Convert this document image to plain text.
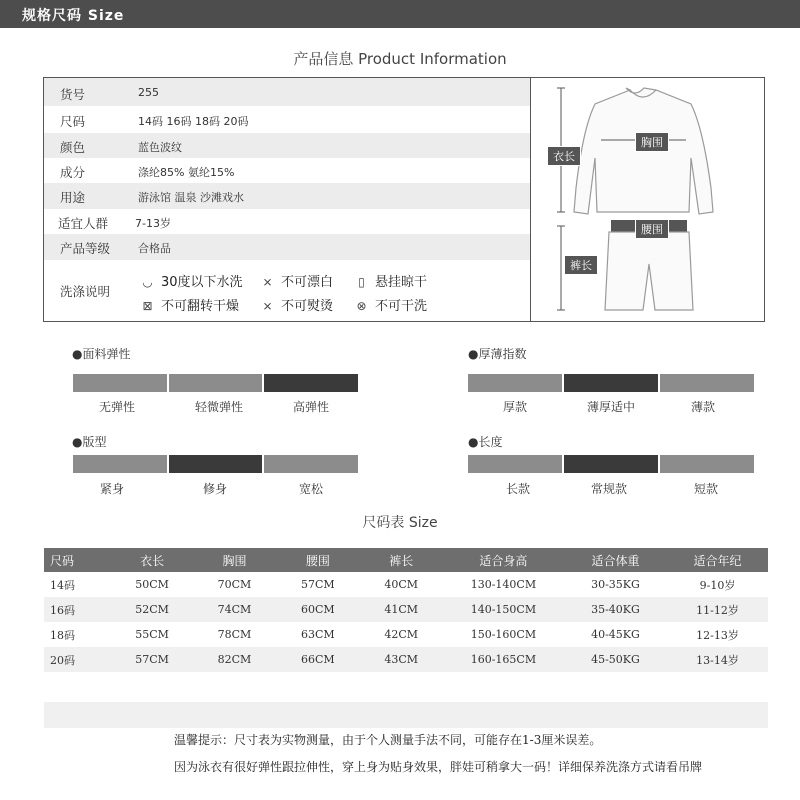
规格尺码 Size
产品信息 Product Information
货号	255
尺码	14码 16码 18码 20码
颜色	蓝色波纹
成分	涤纶85% 氨纶15%
用途	游泳馆 温泉 沙滩戏水
适宜人群 7-13岁
产品等级	合格品
洗涤说明
◡ 30度以下水洗 ⨯ 不可漂白	▯ 悬挂晾干
⊠ 不可翻转干燥 ⨯ 不可熨烫 ⊗ 不可干洗
衣长
胸围
腰围
裤长
●面料弹性
无弹性	轻微弹性	高弹性
●厚薄指数
厚款	薄厚适中	薄款
●版型
紧身	修身	宽松
●长度
长款	常规款	短款
尺码表 Size
尺码	衣长	胸围	腰围	裤长	适合身高	适合体重	适合年纪
14码	50CM	70CM	57CM	40CM	130-140CM	30-35KG	9-10岁
16码	52CM	74CM	60CM	41CM	140-150CM	35-40KG	11-12岁
18码	55CM	78CM	63CM	42CM	150-160CM	40-45KG	12-13岁
20码	57CM	82CM	66CM	43CM	160-165CM	45-50KG	13-14岁
温馨提示：尺寸表为实物测量，由于个人测量手法不同，可能存在1-3厘米误差。
因为泳衣有很好弹性跟拉伸性，穿上身为贴身效果，胖娃可稍拿大一码！详细保养洗涤方式请看吊牌
